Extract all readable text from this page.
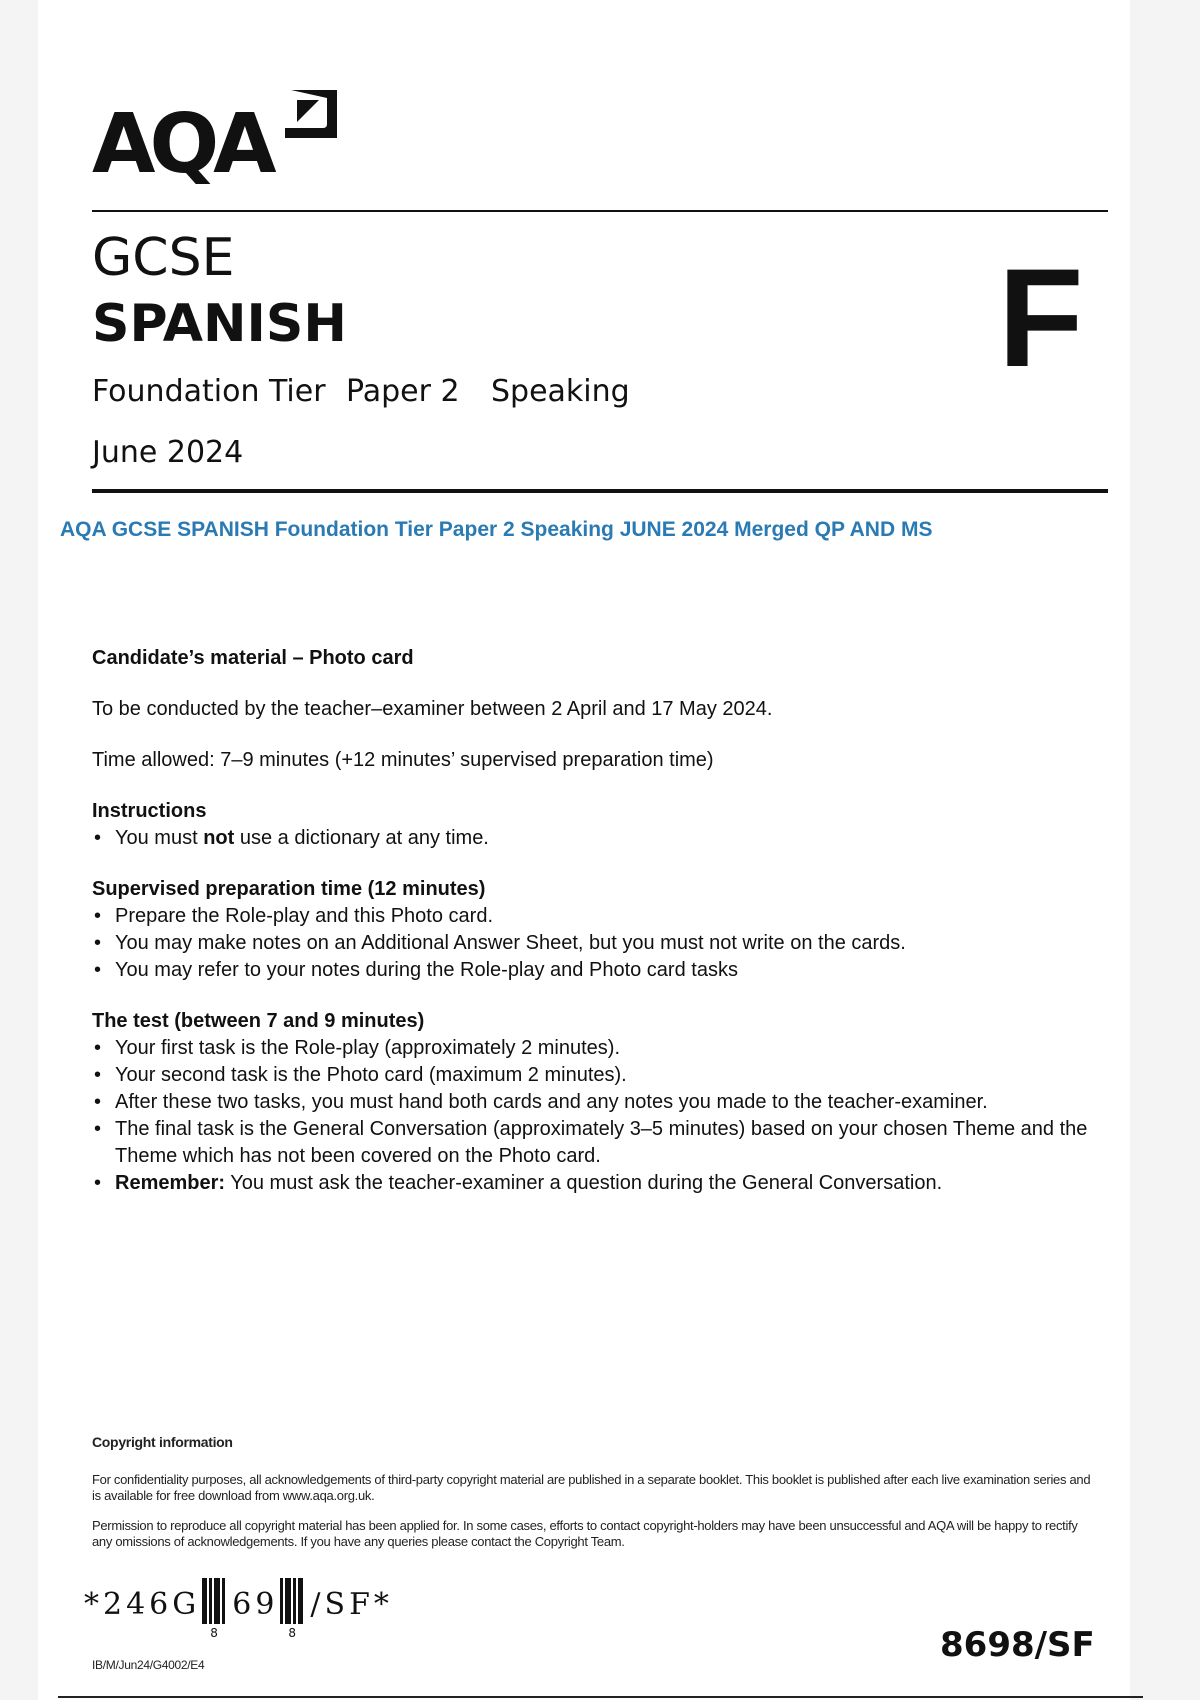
AQA
GCSE
SPANISH	F
Foundation Tier Paper 2	Speaking
June 2024
AQA GCSE SPANISH Foundation Tier Paper 2 Speaking JUNE 2024 Merged QP AND MS
Candidate’s material – Photo card
To be conducted by the teacher–examiner between 2 April and 17 May 2024.
Time allowed: 7–9 minutes (+12 minutes’ supervised preparation time)
Instructions
• You must not use a dictionary at any time.
Supervised preparation time (12 minutes)
• Prepare the Role-play and this Photo card.
• You may make notes on an Additional Answer Sheet, but you must not write on the cards.
• You may refer to your notes during the Role-play and Photo card tasks
The test (between 7 and 9 minutes)
• Your first task is the Role-play (approximately 2 minutes).
• Your second task is the Photo card (maximum 2 minutes).
• After these two tasks, you must hand both cards and any notes you made to the teacher-examiner.
• The final task is the General Conversation (approximately 3–5 minutes) based on your chosen Theme and the Theme which has not been covered on the Photo card.
• Remember: You must ask the teacher-examiner a question during the General Conversation.
Copyright information

For confidentiality purposes, all acknowledgements of third-party copyright material are published in a separate booklet. This booklet is published after each live examination series and is available for free download from www.aqa.org.uk.

Permission to reproduce all copyright material has been applied for. In some cases, efforts to contact copyright-holders may have been unsuccessful and AQA will be happy to rectify any omissions of acknowledgements. If you have any queries please contact the Copyright Team.

*246G
8
69
8
/SF*
IB/M/Jun24/G4002/E4	8698/SF
